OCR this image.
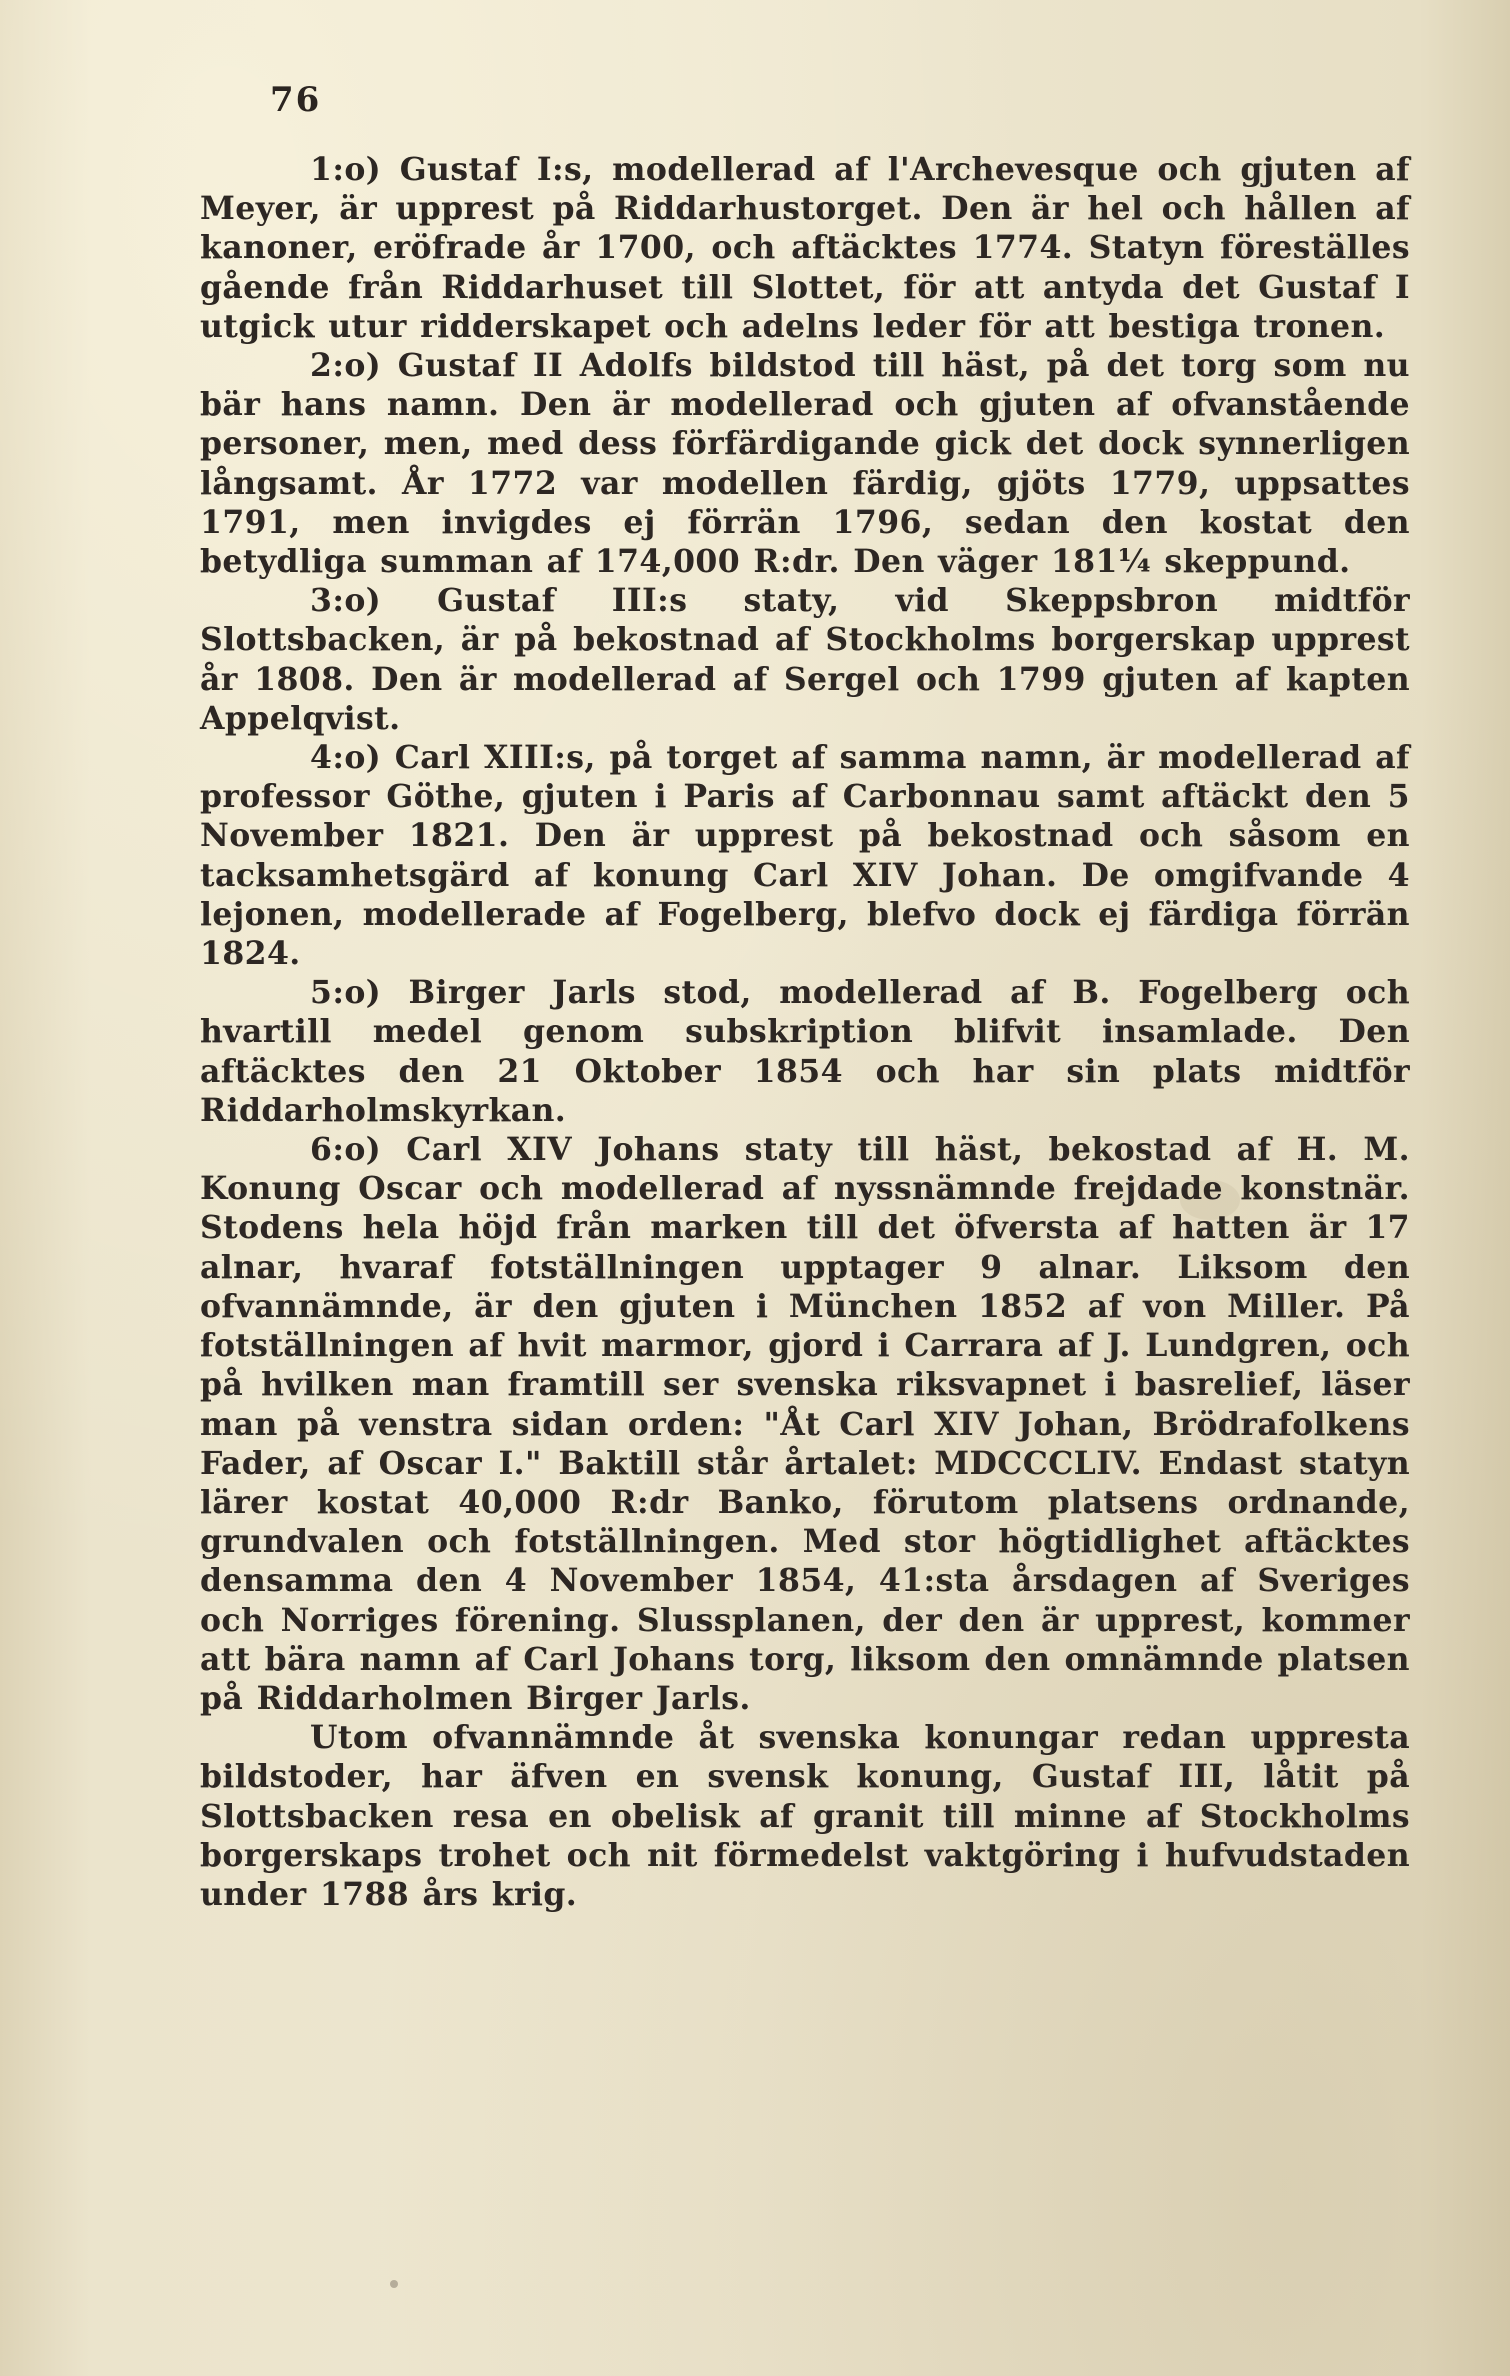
76

1:o) Gustaf I:s, modellerad af l'Archevesque och gjuten af Meyer, är upprest på Riddarhustorget. Den är hel och hållen af kanoner, eröfrade år 1700, och aftäcktes 1774. Statyn föreställes gående från Riddarhuset till Slottet, för att antyda det Gustaf I utgick utur ridderskapet och adelns leder för att bestiga tronen.

2:o) Gustaf II Adolfs bildstod till häst, på det torg som nu bär hans namn. Den är modellerad och gjuten af ofvanstående personer, men, med dess förfärdigande gick det dock synnerligen långsamt. År 1772 var modellen färdig, gjöts 1779, uppsattes 1791, men invigdes ej förrän 1796, sedan den kostat den betydliga summan af 174,000 R:dr. Den väger 181¼ skeppund.

3:o) Gustaf III:s staty, vid Skeppsbron midtför Slottsbacken, är på bekostnad af Stockholms borgerskap upprest år 1808. Den är modellerad af Sergel och 1799 gjuten af kapten Appelqvist.

4:o) Carl XIII:s, på torget af samma namn, är modellerad af professor Göthe, gjuten i Paris af Carbonnau samt aftäckt den 5 November 1821. Den är upprest på bekostnad och såsom en tacksamhetsgärd af konung Carl XIV Johan. De omgifvande 4 lejonen, modellerade af Fogelberg, blefvo dock ej färdiga förrän 1824.

5:o) Birger Jarls stod, modellerad af B. Fogelberg och hvartill medel genom subskription blifvit insamlade. Den aftäcktes den 21 Oktober 1854 och har sin plats midtför Riddarholmskyrkan.

6:o) Carl XIV Johans staty till häst, bekostad af H. M. Konung Oscar och modellerad af nyssnämnde frejdade konstnär. Stodens hela höjd från marken till det öfversta af hatten är 17 alnar, hvaraf fotställningen upptager 9 alnar. Liksom den ofvannämnde, är den gjuten i München 1852 af von Miller. På fotställningen af hvit marmor, gjord i Carrara af J. Lundgren, och på hvilken man framtill ser svenska riksvapnet i basrelief, läser man på venstra sidan orden: "Åt Carl XIV Johan, Brödrafolkens Fader, af Oscar I." Baktill står årtalet: MDCCCLIV. Endast statyn lärer kostat 40,000 R:dr Banko, förutom platsens ordnande, grundvalen och fotställningen. Med stor högtidlighet aftäcktes densamma den 4 November 1854, 41:sta årsdagen af Sveriges och Norriges förening. Slussplanen, der den är upprest, kommer att bära namn af Carl Johans torg, liksom den omnämnde platsen på Riddarholmen Birger Jarls.

Utom ofvannämnde åt svenska konungar redan uppresta bildstoder, har äfven en svensk konung, Gustaf III, låtit på Slottsbacken resa en obelisk af granit till minne af Stockholms borgerskaps trohet och nit förmedelst vaktgöring i hufvudstaden under 1788 års krig.
